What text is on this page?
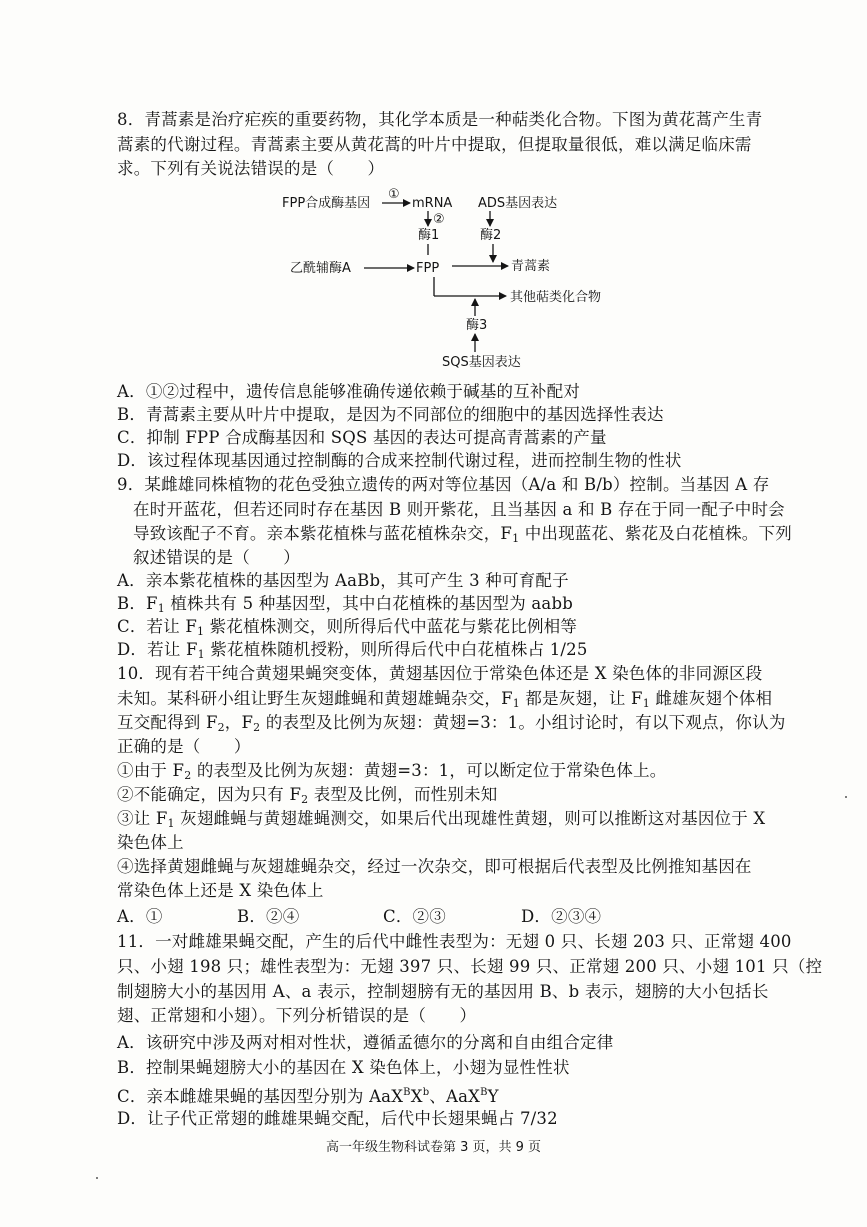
8．青蒿素是治疗疟疾的重要药物，其化学本质是一种萜类化合物。下图为黄花蒿产生青
蒿素的代谢过程。青蒿素主要从黄花蒿的叶片中提取，但提取量很低，难以满足临床需
求。下列有关说法错误的是（　　）
FPP合成酶基因
①
mRNA ADS基因表达
②
酶1	酶2
乙酰辅酶A	FPP	青蒿素
其他萜类化合物
酶3
SQS基因表达
A．①②过程中，遗传信息能够准确传递依赖于碱基的互补配对
B．青蒿素主要从叶片中提取，是因为不同部位的细胞中的基因选择性表达
C．抑制 FPP 合成酶基因和 SQS 基因的表达可提高青蒿素的产量
D．该过程体现基因通过控制酶的合成来控制代谢过程，进而控制生物的性状
9．某雌雄同株植物的花色受独立遗传的两对等位基因（A/a 和 B/b）控制。当基因 A 存
在时开蓝花，但若还同时存在基因 B 则开紫花，且当基因 a 和 B 存在于同一配子中时会
导致该配子不育。亲本紫花植株与蓝花植株杂交，$F_1$ 中出现蓝花、紫花及白花植株。下列
叙述错误的是（　　）
A．亲本紫花植株的基因型为 AaBb，其可产生 3 种可育配子
B．$F_1$ 植株共有 5 种基因型，其中白花植株的基因型为 aabb
C．若让 $F_1$ 紫花植株测交，则所得后代中蓝花与紫花比例相等
D．若让 $F_1$ 紫花植株随机授粉，则所得后代中白花植株占 1/25
10．现有若干纯合黄翅果蝇突变体，黄翅基因位于常染色体还是 X 染色体的非同源区段
未知。某科研小组让野生灰翅雌蝇和黄翅雄蝇杂交，$F_1$ 都是灰翅，让 $F_1$ 雌雄灰翅个体相
互交配得到 $F_2$，$F_2$ 的表型及比例为灰翅：黄翅=3：1。小组讨论时，有以下观点，你认为
正确的是（　　）
①由于 $F_2$ 的表型及比例为灰翅：黄翅=3：1，可以断定位于常染色体上。
②不能确定，因为只有 $F_2$ 表型及比例，而性别未知
③让 $F_1$ 灰翅雌蝇与黄翅雄蝇测交，如果后代出现雄性黄翅，则可以推断这对基因位于 X
染色体上
④选择黄翅雌蝇与灰翅雄蝇杂交，经过一次杂交，即可根据后代表型及比例推知基因在
常染色体上还是 X 染色体上
A．①	B．②④	C．②③	D．②③④
11．一对雌雄果蝇交配，产生的后代中雌性表型为：无翅 0 只、长翅 203 只、正常翅 400
只、小翅 198 只；雄性表型为：无翅 397 只、长翅 99 只、正常翅 200 只、小翅 101 只（控
制翅膀大小的基因用 A、a 表示，控制翅膀有无的基因用 B、b 表示，翅膀的大小包括长
翅、正常翅和小翅）。下列分析错误的是（　　）
A．该研究中涉及两对相对性状，遵循孟德尔的分离和自由组合定律
B．控制果蝇翅膀大小的基因在 X 染色体上，小翅为显性性状
C．亲本雌雄果蝇的基因型分别为 $AaX^BX^b$、AaX$^B$Y
D．让子代正常翅的雌雄果蝇交配，后代中长翅果蝇占 7/32
高一年级生物科试卷第 3 页，共 9 页
